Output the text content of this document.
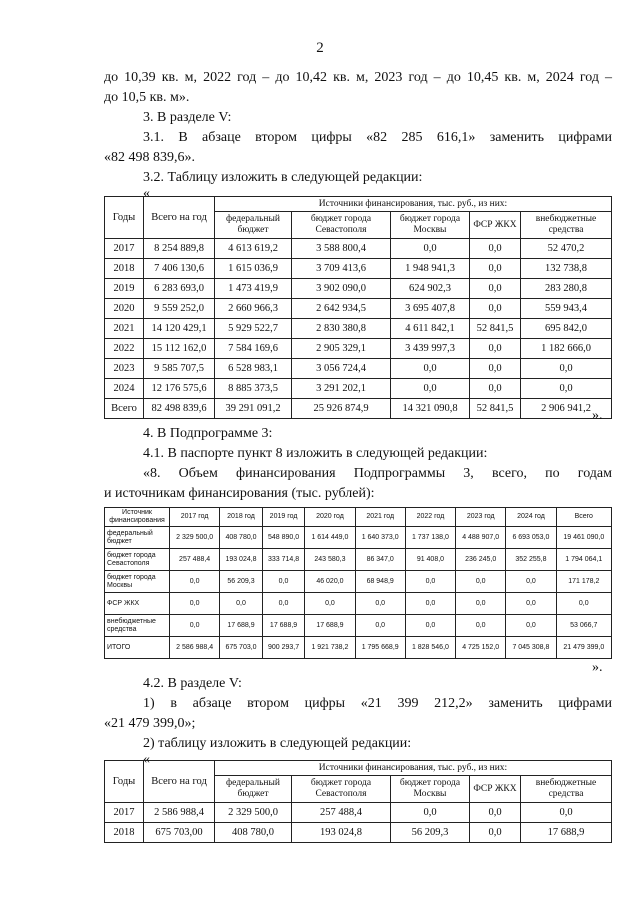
2

до 10,39 кв. м, 2022 год – до 10,42 кв. м, 2023 год – до 10,45 кв. м, 2024 год –

до 10,5 кв. м».

3. В разделе V:

3.1. В абзаце втором цифры «82 285 616,1» заменить цифрами

«82 498 839,6».

3.2. Таблицу изложить в следующей редакции:

«

Годы	Всего на год	Источники финансирования, тыс. руб., из них:				
		федеральный бюджет	бюджет города Севастополя	бюджет города Москвы	ФСР ЖКХ	внебюджетные средства
2017	8 254 889,8	4 613 619,2	3 588 800,4	0,0	0,0	52 470,2
2018	7 406 130,6	1 615 036,9	3 709 413,6	1 948 941,3	0,0	132 738,8
2019	6 283 693,0	1 473 419,9	3 902 090,0	624 902,3	0,0	283 280,8
2020	9 559 252,0	2 660 966,3	2 642 934,5	3 695 407,8	0,0	559 943,4
2021	14 120 429,1	5 929 522,7	2 830 380,8	4 611 842,1	52 841,5	695 842,0
2022	15 112 162,0	7 584 169,6	2 905 329,1	3 439 997,3	0,0	1 182 666,0
2023	9 585 707,5	6 528 983,1	3 056 724,4	0,0	0,0	0,0
2024	12 176 575,6	8 885 373,5	3 291 202,1	0,0	0,0	0,0
Всего	82 498 839,6	39 291 091,2	25 926 874,9	14 321 090,8	52 841,5	2 906 941,2 ».

4. В Подпрограмме 3:

4.1. В паспорте пункт 8 изложить в следующей редакции:

«8. Объем финансирования Подпрограммы 3, всего, по годам

и источникам финансирования (тыс. рублей):

Источник финансирования	2017 год	2018 год	2019 год	2020 год	2021 год	2022 год	2023 год	2024 год	Всего
федеральный бюджет	2 329 500,0	408 780,0	548 890,0	1 614 449,0	1 640 373,0	1 737 138,0	4 488 907,0	6 693 053,0	19 461 090,0
бюджет города Севастополя	257 488,4	193 024,8	333 714,8	243 580,3	86 347,0	91 408,0	236 245,0	352 255,8	1 794 064,1
бюджет города Москвы	0,0	56 209,3	0,0	46 020,0	68 948,9	0,0	0,0	0,0	171 178,2
ФСР ЖКХ	0,0	0,0	0,0	0,0	0,0	0,0	0,0	0,0	0,0
внебюджетные средства	0,0	17 688,9	17 688,9	17 688,9	0,0	0,0	0,0	0,0	53 066,7
ИТОГО	2 586 988,4	675 703,0	900 293,7	1 921 738,2	1 795 668,9	1 828 546,0	4 725 152,0	7 045 308,8	21 479 399,0

».

4.2. В разделе V:

1) в абзаце втором цифры «21 399 212,2» заменить цифрами

«21 479 399,0»;

2) таблицу изложить в следующей редакции:

«

Годы	Всего на год	Источники финансирования, тыс. руб., из них:				
		федеральный бюджет	бюджет города Севастополя	бюджет города Москвы	ФСР ЖКХ	внебюджетные средства
2017	2 586 988,4	2 329 500,0	257 488,4	0,0	0,0	0,0
2018	675 703,00	408 780,0	193 024,8	56 209,3	0,0	17 688,9
